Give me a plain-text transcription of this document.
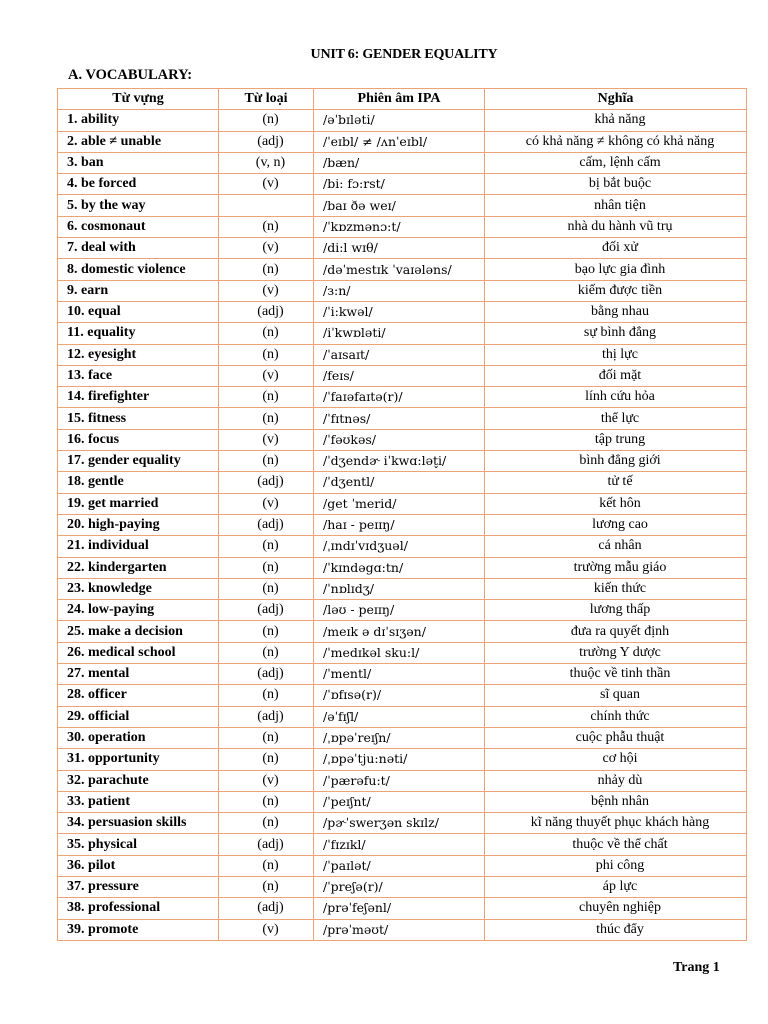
UNIT 6: GENDER EQUALITY
A. VOCABULARY:
Từ vựng	Từ loại	Phiên âm IPA	Nghĩa
1. ability	(n)	/əˈbɪləti/	khả năng
2. able ≠ unable	(adj)	/ˈeɪbl/ ≠ /ʌnˈeɪbl/	có khả năng ≠ không có khả năng
3. ban	(v, n)	/bæn/	cấm, lệnh cấm
4. be forced	(v)	/bi: fɔ:rst/	bị bắt buộc
5. by the way		/baɪ ðə weɪ/	nhân tiện
6. cosmonaut	(n)	/ˈkɒzmənɔ:t/	nhà du hành vũ trụ
7. deal with	(v)	/di:l wɪθ/	đối xử
8. domestic violence	(n)	/dəˈmestɪk ˈvaɪələns/	bạo lực gia đình
9. earn	(v)	/з:n/	kiếm được tiền
10. equal	(adj)	/ˈi:kwəl/	bằng nhau
11. equality	(n)	/iˈkwɒləti/	sự bình đẳng
12. eyesight	(n)	/ˈaɪsaɪt/	thị lực
13. face	(v)	/feɪs/	đối mặt
14. firefighter	(n)	/ˈfaɪəfaɪtə(r)/	lính cứu hỏa
15. fitness	(n)	/ˈfɪtnəs/	thể lực
16. focus	(v)	/ˈfəʊkəs/	tập trung
17. gender equality	(n)	/ˈdʒendɚ iˈkwɑ:lət̬i/	bình đẳng giới
18. gentle	(adj)	/ˈdʒentl/	tử tế
19. get married	(v)	/get ˈmerid/	kết hôn
20. high-paying	(adj)	/haɪ - peɪɪŋ/	lương cao
21. individual	(n)	/ˌɪndɪˈvɪdʒuəl/	cá nhân
22. kindergarten	(n)	/ˈkɪndəgɑ:tn/	trường mẫu giáo
23. knowledge	(n)	/ˈnɒlɪdʒ/	kiến thức
24. low-paying	(adj)	/ləʊ - peɪɪŋ/	lương thấp
25. make a decision	(n)	/meɪk ə dɪˈsɪʒən/	đưa ra quyết định
26. medical school	(n)	/ˈmedɪkəl sku:l/	trường Y dược
27. mental	(adj)	/ˈmentl/	thuộc về tinh thần
28. officer	(n)	/ˈɒfɪsə(r)/	sĩ quan
29. official	(adj)	/əˈfɪʃl/	chính thức
30. operation	(n)	/ˌɒpəˈreɪʃn/	cuộc phẫu thuật
31. opportunity	(n)	/ˌɒpəˈtju:nəti/	cơ hội
32. parachute	(v)	/ˈpærəfu:t/	nhảy dù
33. patient	(n)	/ˈpeɪʃnt/	bệnh nhân
34. persuasion skills	(n)	/pɚˈswerʒən skɪlz/	kĩ năng thuyết phục khách hàng
35. physical	(adj)	/ˈfɪzɪkl/	thuộc về thể chất
36. pilot	(n)	/ˈpaɪlət/	phi công
37. pressure	(n)	/ˈpreʃə(r)/	áp lực
38. professional	(adj)	/prəˈfeʃənl/	chuyên nghiệp
39. promote	(v)	/prəˈməʊt/	thúc đẩy
Trang 1
